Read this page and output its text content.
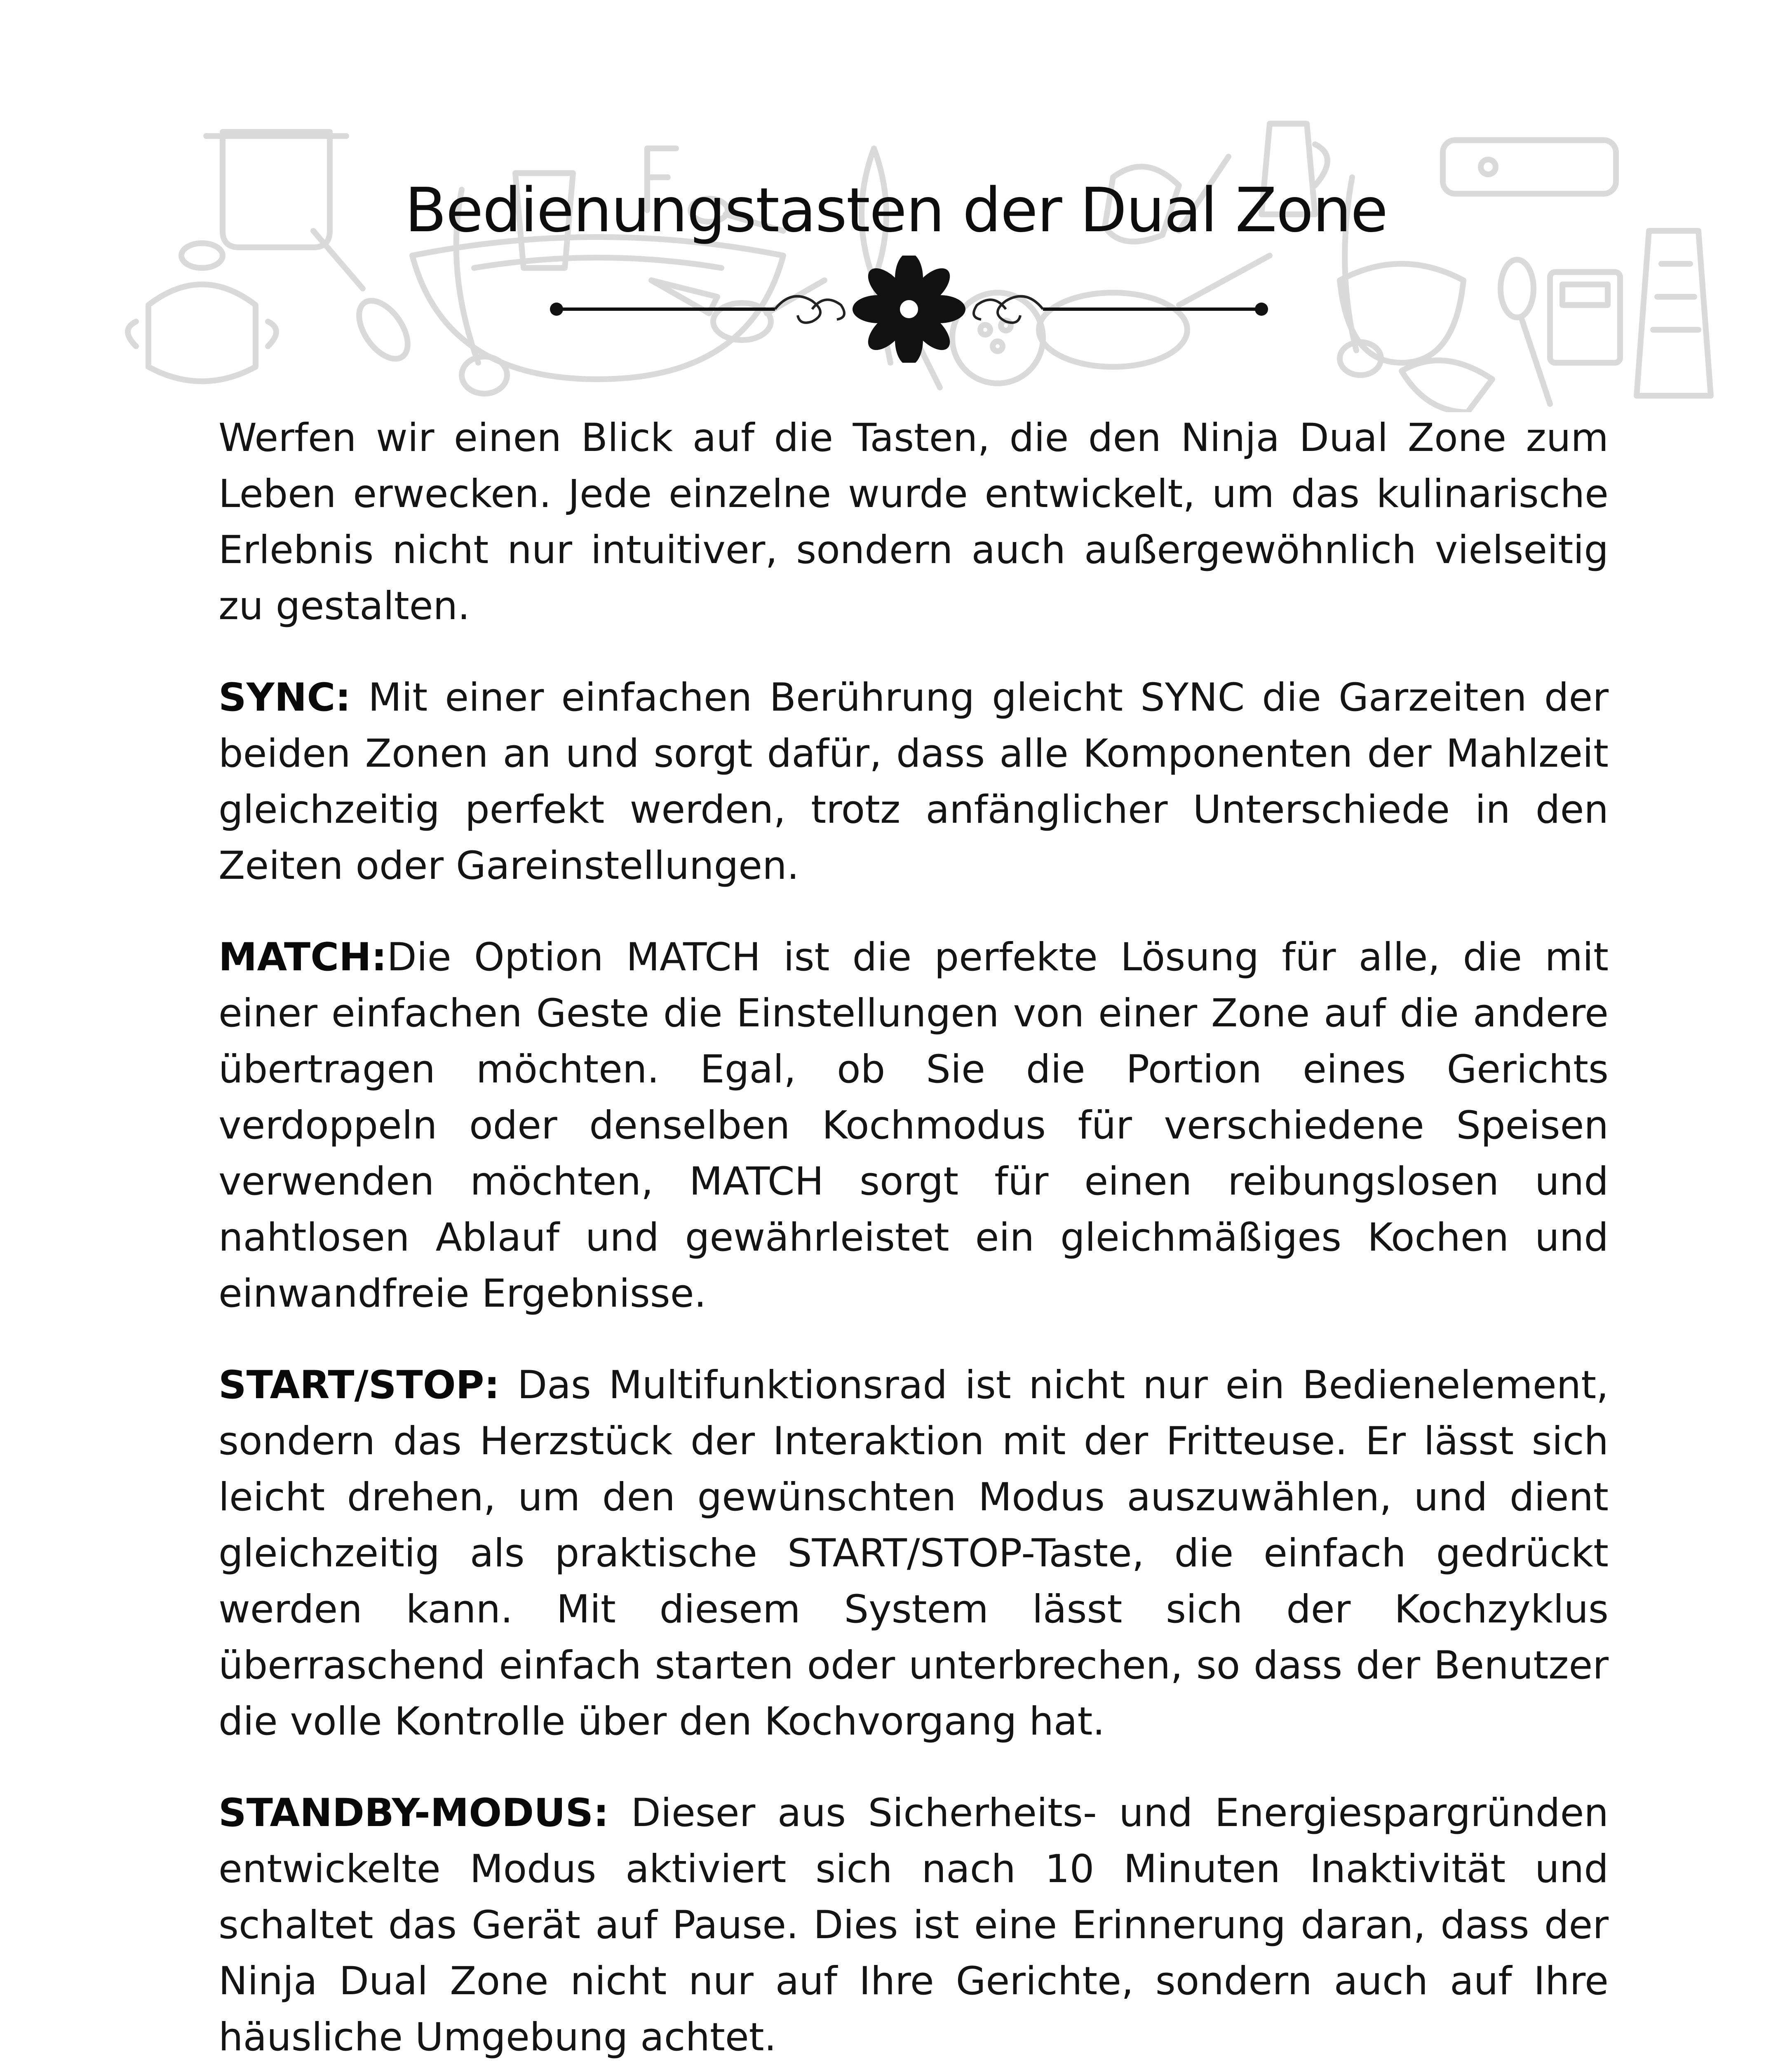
Bedienungstasten der Dual Zone

Werfen wir einen Blick auf die Tasten, die den Ninja Dual Zone zum Leben erwecken. Jede einzelne wurde entwickelt, um das kulinarische Erlebnis nicht nur intuitiver, sondern auch außergewöhnlich vielseitig zu gestalten.

SYNC: Mit einer einfachen Berührung gleicht SYNC die Garzeiten der beiden Zonen an und sorgt dafür, dass alle Komponenten der Mahlzeit gleichzeitig perfekt werden, trotz anfänglicher Unterschiede in den Zeiten oder Gareinstellungen.

MATCH:Die Option MATCH ist die perfekte Lösung für alle, die mit einer einfachen Geste die Einstellungen von einer Zone auf die andere übertragen möchten. Egal, ob Sie die Portion eines Gerichts verdoppeln oder denselben Kochmodus für verschiedene Speisen verwenden möchten, MATCH sorgt für einen reibungslosen und nahtlosen Ablauf und gewährleistet ein gleichmäßiges Kochen und einwandfreie Ergebnisse.

START/STOP: Das Multifunktionsrad ist nicht nur ein Bedienelement, sondern das Herzstück der Interaktion mit der Fritteuse. Er lässt sich leicht drehen, um den gewünschten Modus auszuwählen, und dient gleichzeitig als praktische START/STOP-Taste, die einfach gedrückt werden kann. Mit diesem System lässt sich der Kochzyklus überraschend einfach starten oder unterbrechen, so dass der Benutzer die volle Kontrolle über den Kochvorgang hat.

STANDBY-MODUS: Dieser aus Sicherheits- und Energiespargründen entwickelte Modus aktiviert sich nach 10 Minuten Inaktivität und schaltet das Gerät auf Pause. Dies ist eine Erinnerung daran, dass der Ninja Dual Zone nicht nur auf Ihre Gerichte, sondern auch auf Ihre häusliche Umgebung achtet.
